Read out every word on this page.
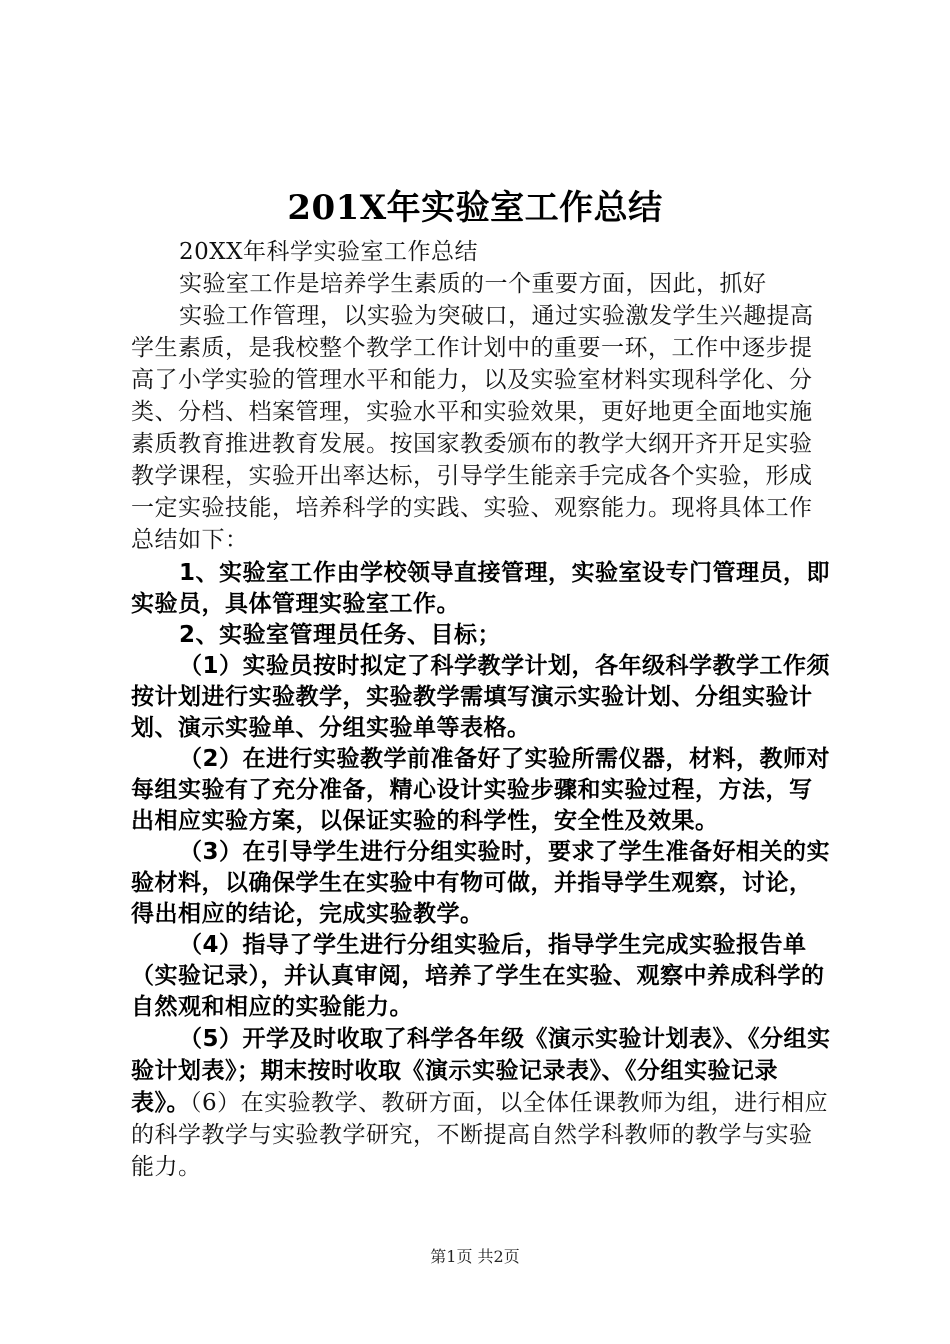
201X年实验室工作总结

20XX年科学实验室工作总结

实验室工作是培养学生素质的一个重要方面，因此，抓好

实验工作管理，以实验为突破口，通过实验激发学生兴趣提高学生素质，是我校整个教学工作计划中的重要一环，工作中逐步提高了小学实验的管理水平和能力，以及实验室材料实现科学化、分类、分档、档案管理，实验水平和实验效果，更好地更全面地实施素质教育推进教育发展。按国家教委颁布的教学大纲开齐开足实验教学课程，实验开出率达标，引导学生能亲手完成各个实验，形成一定实验技能，培养科学的实践、实验、观察能力。现将具体工作总结如下：

1、实验室工作由学校领导直接管理，实验室设专门管理员，即实验员，具体管理实验室工作。

2、实验室管理员任务、目标；

（1）实验员按时拟定了科学教学计划，各年级科学教学工作须按计划进行实验教学，实验教学需填写演示实验计划、分组实验计划、演示实验单、分组实验单等表格。

（2）在进行实验教学前准备好了实验所需仪器，材料，教师对每组实验有了充分准备，精心设计实验步骤和实验过程，方法，写出相应实验方案，以保证实验的科学性，安全性及效果。

（3）在引导学生进行分组实验时，要求了学生准备好相关的实验材料，以确保学生在实验中有物可做，并指导学生观察，讨论，得出相应的结论，完成实验教学。

（4）指导了学生进行分组实验后，指导学生完成实验报告单（实验记录），并认真审阅，培养了学生在实验、观察中养成科学的自然观和相应的实验能力。

（5）开学及时收取了科学各年级《演示实验计划表》、《分组实验计划表》；期末按时收取《演示实验记录表》、《分组实验记录表》。（6）在实验教学、教研方面，以全体任课教师为组，进行相应的科学教学与实验教学研究，不断提高自然学科教师的教学与实验能力。

第1页 共2页
